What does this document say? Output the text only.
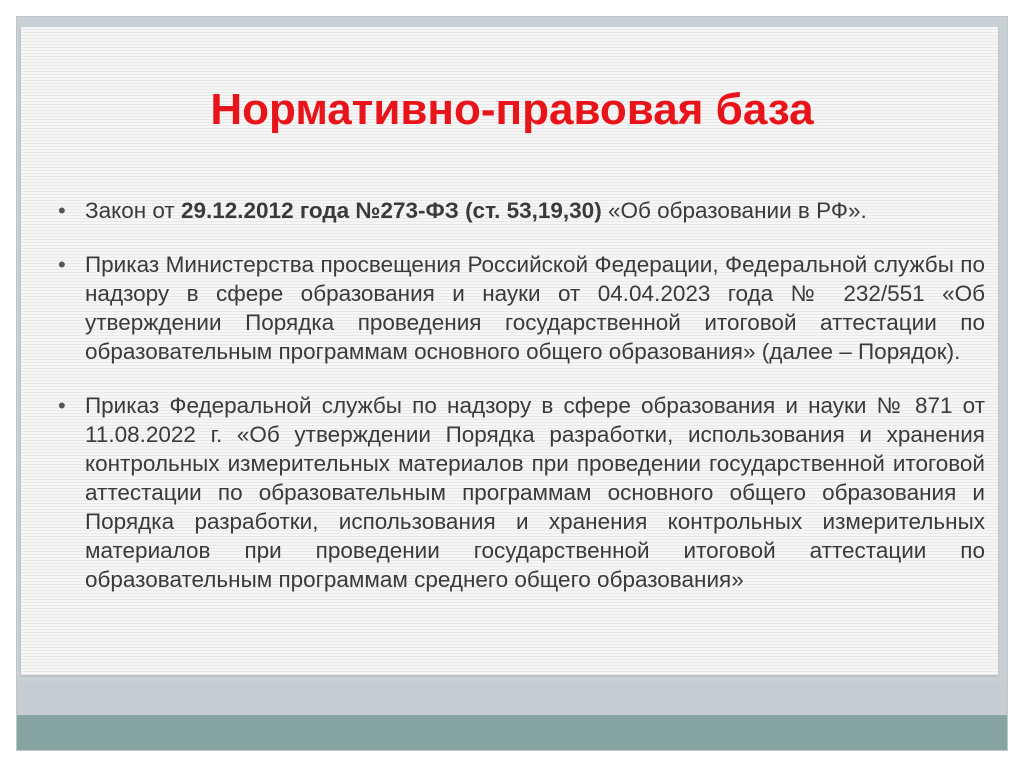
Нормативно-правовая база
• Закон от 29.12.2012 года №273-ФЗ (ст. 53,19,30) «Об образовании в РФ».
• Приказ Министерства просвещения Российской Федерации, Федеральной службы по надзору в сфере образования и науки от 04.04.2023 года № 232/551 «Об утверждении Порядка проведения государственной итоговой аттестации по образовательным программам основного общего образования» (далее – Порядок).
• Приказ Федеральной службы по надзору в сфере образования и науки № 871 от 11.08.2022 г. «Об утверждении Порядка разработки, использования и хранения контрольных измерительных материалов при проведении государственной итоговой аттестации по образовательным программам основного общего образования и Порядка разработки, использования и хранения контрольных измерительных материалов при проведении государственной итоговой аттестации по образовательным программам среднего общего образования»
